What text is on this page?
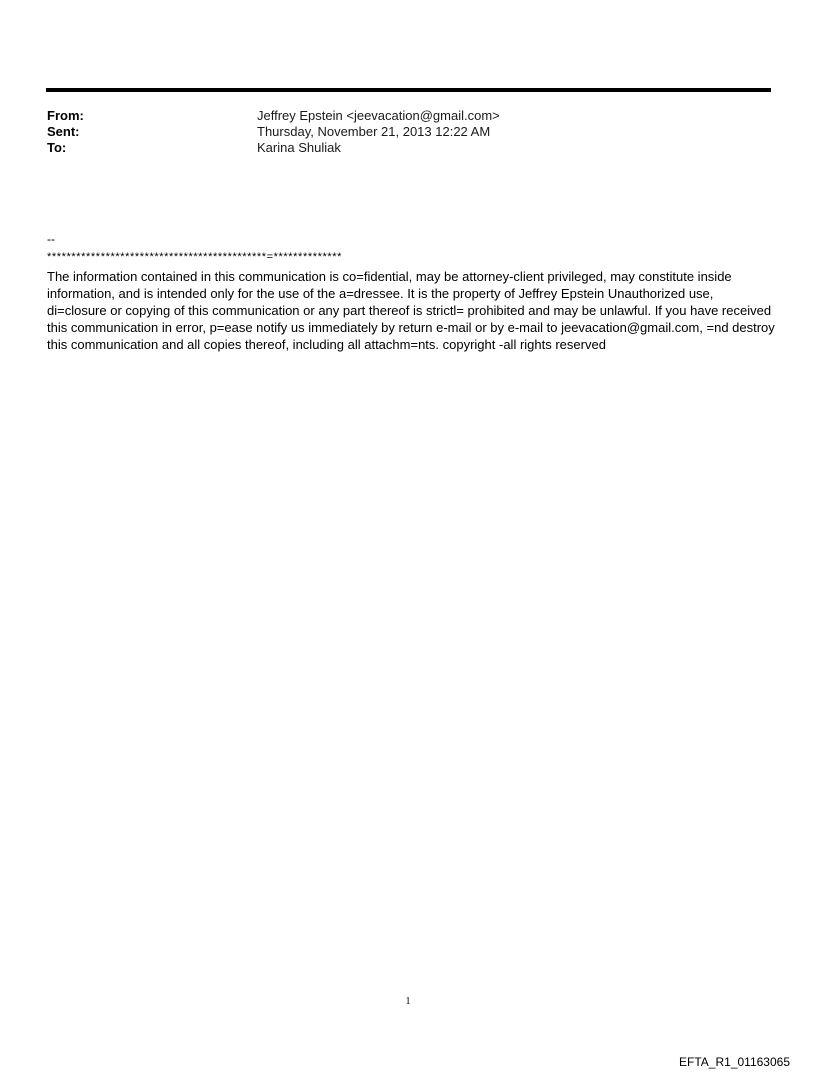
From:	Jeffrey Epstein <jeevacation@gmail.com>
Sent:	Thursday, November 21, 2013 12:22 AM
To:	Karina Shuliak
--
*********************************************=**************

The information contained in this communication is co=fidential, may be attorney-client privileged, may constitute inside information, and is intended only for the use of the a=dressee. It is the property of Jeffrey Epstein Unauthorized use, di=closure or copying of this communication or any part thereof is strictl= prohibited and may be unlawful. If you have received this communication in error, p=ease notify us immediately by return e-mail or by e-mail to jeevacation@gmail.com, =nd destroy this communication and all copies thereof, including all attachm=nts. copyright -all rights reserved

1
EFTA_R1_01163065
